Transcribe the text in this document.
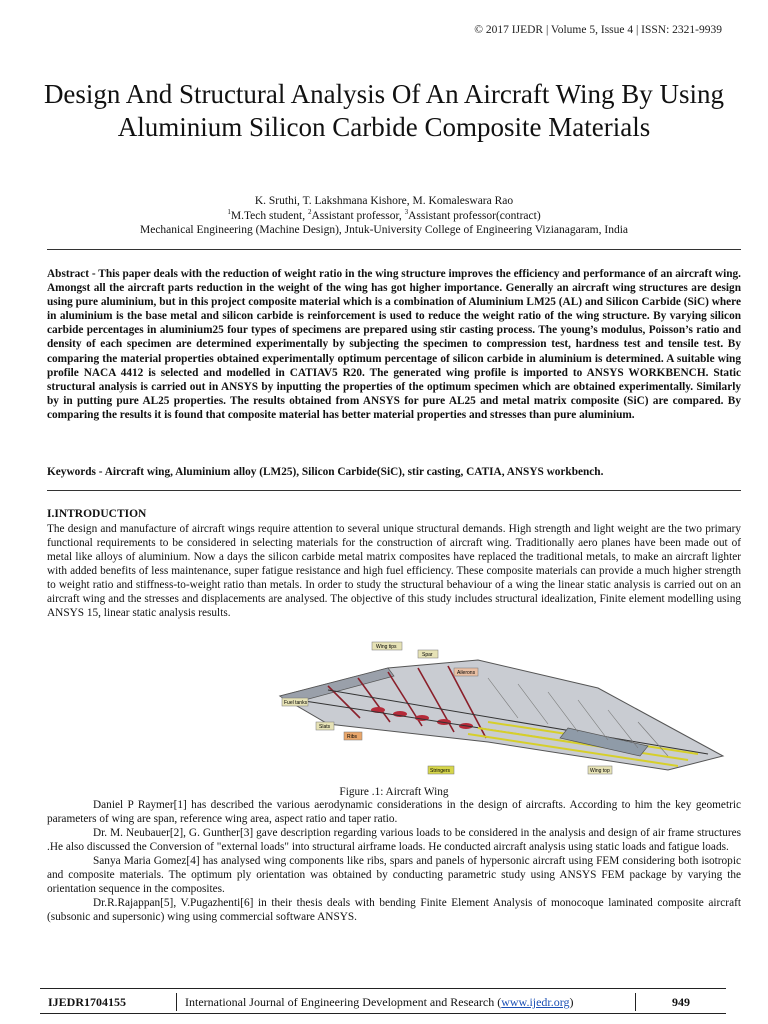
© 2017 IJEDR | Volume 5, Issue 4 | ISSN: 2321-9939
Design And Structural Analysis Of An Aircraft Wing By Using Aluminium Silicon Carbide Composite Materials
K. Sruthi, T. Lakshmana Kishore, M. Komaleswara Rao
$^1$M.Tech student, $^2$Assistant professor, $^3$Assistant professor(contract)
Mechanical Engineering (Machine Design), Jntuk-University College of Engineering Vizianagaram, India

Abstract - This paper deals with the reduction of weight ratio in the wing structure improves the efficiency and performance of an aircraft wing. Amongst all the aircraft parts reduction in the weight of the wing has got higher importance. Generally an aircraft wing structures are design using pure aluminium, but in this project composite material which is a combination of Aluminium LM25 (AL) and Silicon Carbide (SiC) where in aluminium is the base metal and silicon carbide is reinforcement is used to reduce the weight ratio of the wing structure. By varying silicon carbide percentages in aluminium25 four types of specimens are prepared using stir casting process. The young’s modulus, Poisson’s ratio and density of each specimen are determined experimentally by subjecting the specimen to compression test, hardness test and tensile test. By comparing the material properties obtained experimentally optimum percentage of silicon carbide in aluminium is determined. A suitable wing profile NACA 4412 is selected and modelled in CATIAV5 R20. The generated wing profile is imported to ANSYS WORKBENCH. Static structural analysis is carried out in ANSYS by inputting the properties of the optimum specimen which are obtained experimentally. Similarly by in putting pure AL25 properties. The results obtained from ANSYS for pure AL25 and metal matrix composite (SiC) are compared. By comparing the results it is found that composite material has better material properties and stresses than pure aluminium.

Keywords - Aircraft wing, Aluminium alloy (LM25), Silicon Carbide(SiC), stir casting, CATIA, ANSYS workbench.

I.INTRODUCTION

The design and manufacture of aircraft wings require attention to several unique structural demands. High strength and light weight are the two primary functional requirements to be considered in selecting materials for the construction of aircraft wing. Traditionally aero planes have been made out of metal like alloys of aluminium. Now a days the silicon carbide metal matrix composites have replaced the traditional metals, to make an aircraft lighter with added benefits of less maintenance, super fatigue resistance and high fuel efficiency. These composite materials can provide a much higher strength to weight ratio and stiffness-to-weight ratio than metals. In order to study the structural behaviour of a wing the linear static analysis is carried out on an aircraft wing and the stresses and displacements are analysed. The objective of this study includes structural idealization, Finite element modelling using ANSYS 15, linear static analysis results.

Wing tips
Spar
Ailerons
Fuel tanks
Slats
Ribs
Stringers	Wing top
Figure .1: Aircraft Wing

Daniel P Raymer[1] has described the various aerodynamic considerations in the design of aircrafts. According to him the key geometric parameters of wing are span, reference wing area, aspect ratio and taper ratio.

Dr. M. Neubauer[2], G. Gunther[3] gave description regarding various loads to be considered in the analysis and design of air frame structures .He also discussed the Conversion of "external loads" into structural airframe loads. He conducted aircraft analysis using static loads and fatigue loads.

Sanya Maria Gomez[4] has analysed wing components like ribs, spars and panels of hypersonic aircraft using FEM considering both isotropic and composite materials. The optimum ply orientation was obtained by conducting parametric study using ANSYS FEM package by varying the orientation sequence in the composites.

Dr.R.Rajappan[5], V.Pugazhenti[6] in their thesis deals with bending Finite Element Analysis of monocoque laminated composite aircraft (subsonic and supersonic) wing using commercial software ANSYS.

IJEDR1704155	International Journal of Engineering Development and Research (www.ijedr.org)	949
